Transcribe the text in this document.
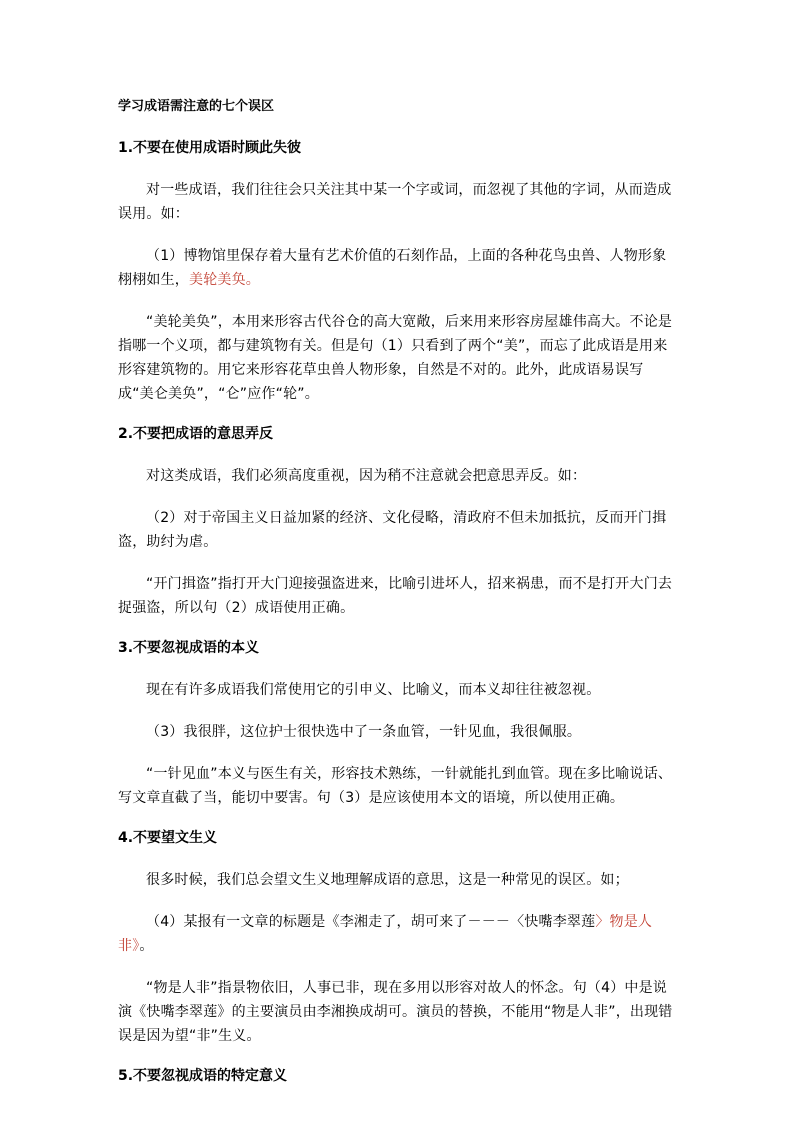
学习成语需注意的七个误区
1.不要在使用成语时顾此失彼

对一些成语，我们往往会只关注其中某一个字或词，而忽视了其他的字词，从而造成误用。如：

（1）博物馆里保存着大量有艺术价值的石刻作品，上面的各种花鸟虫兽、人物形象栩栩如生，美轮美奂。

“美轮美奂”，本用来形容古代谷仓的高大宽敞，后来用来形容房屋雄伟高大。不论是指哪一个义项，都与建筑物有关。但是句（1）只看到了两个“美”，而忘了此成语是用来形容建筑物的。用它来形容花草虫兽人物形象，自然是不对的。此外，此成语易误写成“美仑美奂”，“仑”应作“轮”。

2.不要把成语的意思弄反

对这类成语，我们必须高度重视，因为稍不注意就会把意思弄反。如：

（2）对于帝国主义日益加紧的经济、文化侵略，清政府不但未加抵抗，反而开门揖盗，助纣为虐。

“开门揖盗”指打开大门迎接强盗进来，比喻引进坏人，招来祸患，而不是打开大门去捉强盗，所以句（2）成语使用正确。

3.不要忽视成语的本义

现在有许多成语我们常使用它的引申义、比喻义，而本义却往往被忽视。

（3）我很胖，这位护士很快选中了一条血管，一针见血，我很佩服。

“一针见血”本义与医生有关，形容技术熟练，一针就能扎到血管。现在多比喻说话、写文章直截了当，能切中要害。句（3）是应该使用本文的语境，所以使用正确。

4.不要望文生义

很多时候，我们总会望文生义地理解成语的意思，这是一种常见的误区。如；

（4）某报有一文章的标题是《李湘走了，胡可来了－－－〈快嘴李翠莲〉物是人非》。

“物是人非”指景物依旧，人事已非，现在多用以形容对故人的怀念。句（4）中是说演《快嘴李翠莲》的主要演员由李湘换成胡可。演员的替换，不能用“物是人非”，出现错误是因为望“非”生义。

5.不要忽视成语的特定意义
